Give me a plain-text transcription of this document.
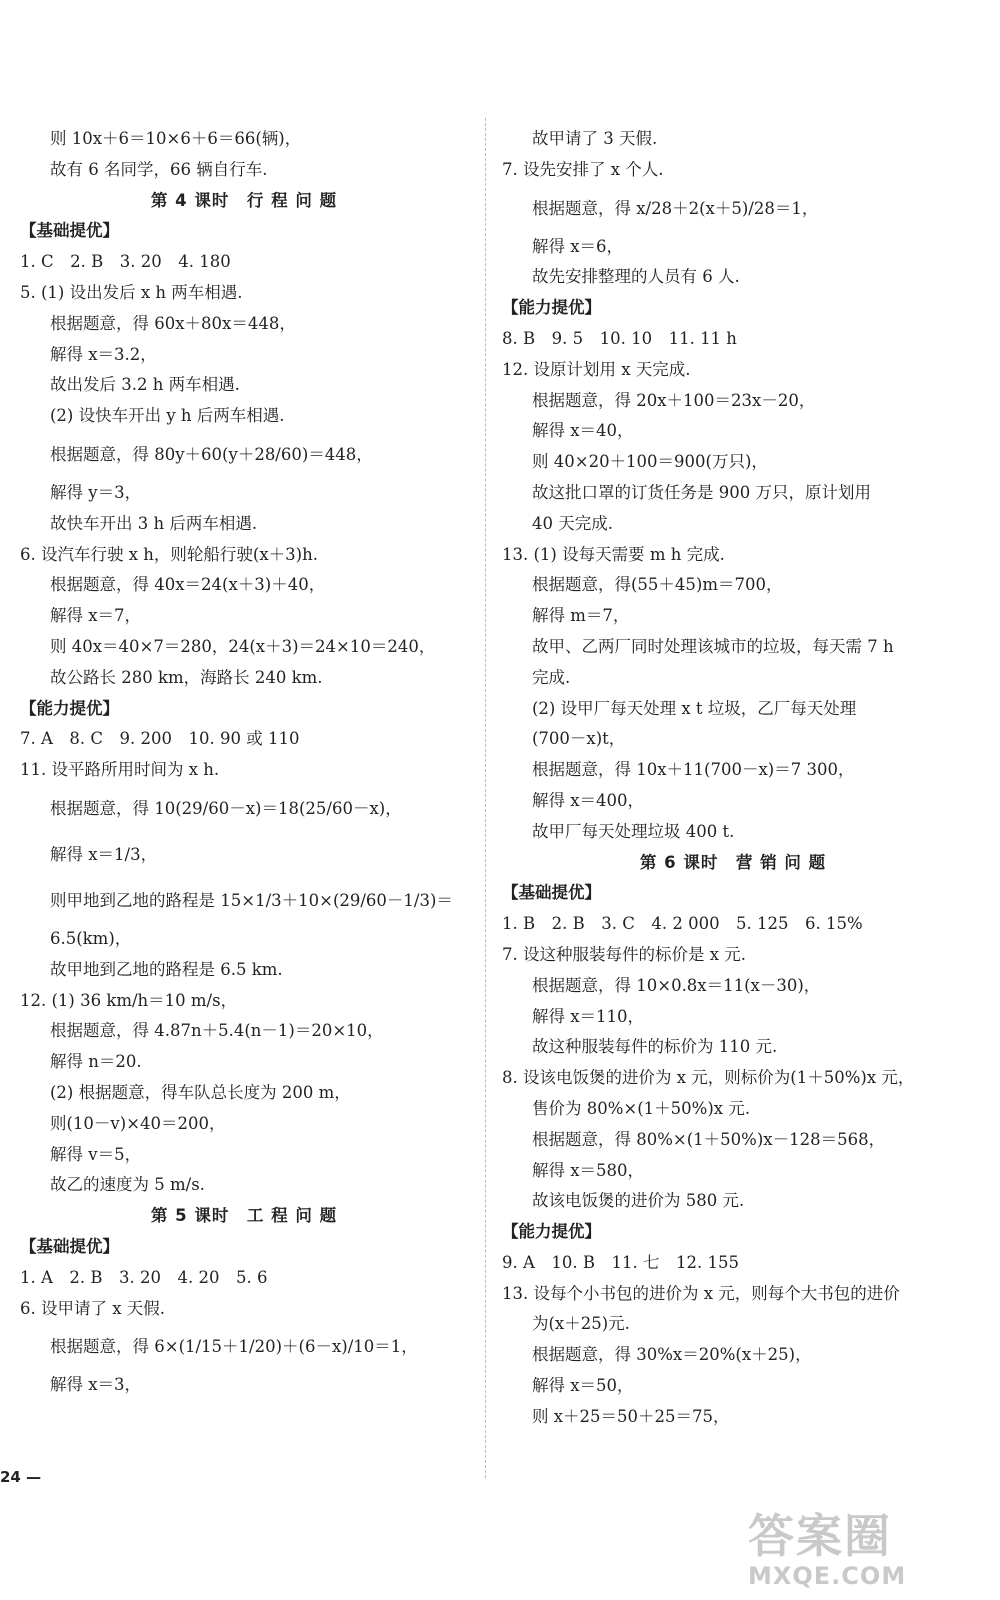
则 10x＋6＝10×6＋6＝66(辆)，
故有 6 名同学，66 辆自行车.
第 4 课时　行 程 问 题
【基础提优】
1. C　2. B　3. 20　4. 180
5. (1) 设出发后 x h 两车相遇.
根据题意，得 60x＋80x＝448，
解得 x＝3.2，
故出发后 3.2 h 两车相遇.
(2) 设快车开出 y h 后两车相遇.
根据题意，得 80y＋60(y＋28/60)＝448，
解得 y＝3，
故快车开出 3 h 后两车相遇.
6. 设汽车行驶 x h，则轮船行驶(x＋3)h.
根据题意，得 40x＝24(x＋3)＋40，
解得 x＝7，
则 40x＝40×7＝280，24(x＋3)＝24×10＝240，
故公路长 280 km，海路长 240 km.
【能力提优】
7. A　8. C　9. 200　10. 90 或 110
11. 设平路所用时间为 x h.
根据题意，得 10(29/60－x)＝18(25/60－x)，
解得 x＝1/3，
则甲地到乙地的路程是 15×1/3＋10×(29/60－1/3)＝
6.5(km)，
故甲地到乙地的路程是 6.5 km.
12. (1) 36 km/h＝10 m/s，
根据题意，得 4.87n＋5.4(n－1)＝20×10，
解得 n＝20.
(2) 根据题意，得车队总长度为 200 m，
则(10－v)×40＝200，
解得 v＝5，
故乙的速度为 5 m/s.
第 5 课时　工 程 问 题
【基础提优】
1. A　2. B　3. 20　4. 20　5. 6
6. 设甲请了 x 天假.
根据题意，得 6×(1/15＋1/20)＋(6－x)/10＝1，
解得 x＝3，
故甲请了 3 天假.
7. 设先安排了 x 个人.
根据题意，得 x/28＋2(x＋5)/28＝1，
解得 x＝6，
故先安排整理的人员有 6 人.
【能力提优】
8. B　9. 5　10. 10　11. 11 h
12. 设原计划用 x 天完成.
根据题意，得 20x＋100＝23x－20，
解得 x＝40，
则 40×20＋100＝900(万只)，
故这批口罩的订货任务是 900 万只，原计划用
40 天完成.
13. (1) 设每天需要 m h 完成.
根据题意，得(55＋45)m＝700，
解得 m＝7，
故甲、乙两厂同时处理该城市的垃圾，每天需 7 h
完成.
(2) 设甲厂每天处理 x t 垃圾，乙厂每天处理
(700－x)t，
根据题意，得 10x＋11(700－x)＝7 300，
解得 x＝400，
故甲厂每天处理垃圾 400 t.
第 6 课时　营 销 问 题
【基础提优】
1. B　2. B　3. C　4. 2 000　5. 125　6. 15%
7. 设这种服装每件的标价是 x 元.
根据题意，得 10×0.8x＝11(x－30)，
解得 x＝110，
故这种服装每件的标价为 110 元.
8. 设该电饭煲的进价为 x 元，则标价为(1＋50%)x 元，
售价为 80%×(1＋50%)x 元.
根据题意，得 80%×(1＋50%)x－128＝568，
解得 x＝580，
故该电饭煲的进价为 580 元.
【能力提优】
9. A　10. B　11. 七　12. 155
13. 设每个小书包的进价为 x 元，则每个大书包的进价
为(x＋25)元.
根据题意，得 30%x＝20%(x＋25)，
解得 x＝50，
则 x＋25＝50＋25＝75，
24 —
答案圈
MXQE.COM
